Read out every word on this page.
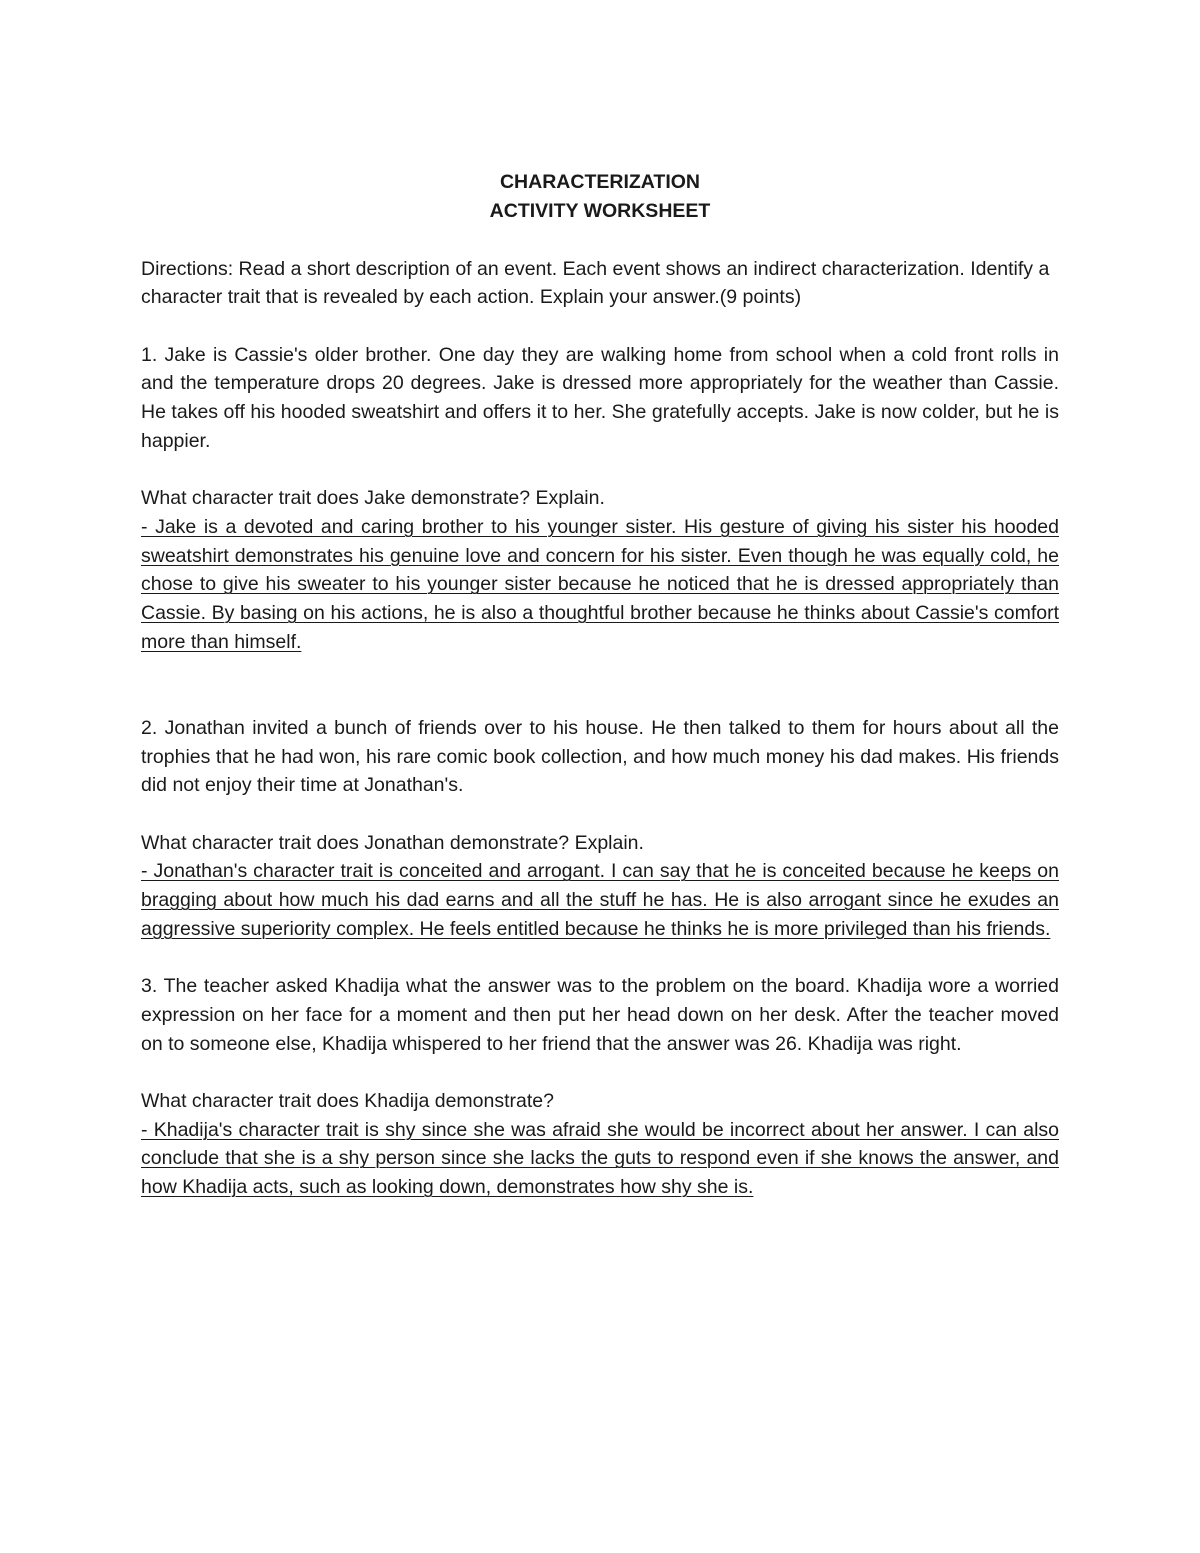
CHARACTERIZATION

ACTIVITY WORKSHEET

Directions: Read a short description of an event. Each event shows an indirect characterization. Identify a character trait that is revealed by each action. Explain your answer.(9 points)

1. Jake is Cassie's older brother. One day they are walking home from school when a cold front rolls in and the temperature drops 20 degrees. Jake is dressed more appropriately for the weather than Cassie. He takes off his hooded sweatshirt and offers it to her. She gratefully accepts. Jake is now colder, but he is happier.

What character trait does Jake demonstrate? Explain.

- Jake is a devoted and caring brother to his younger sister. His gesture of giving his sister his hooded sweatshirt demonstrates his genuine love and concern for his sister. Even though he was equally cold, he chose to give his sweater to his younger sister because he noticed that he is dressed appropriately than Cassie. By basing on his actions, he is also a thoughtful brother because he thinks about Cassie's comfort more than himself.

2. Jonathan invited a bunch of friends over to his house. He then talked to them for hours about all the trophies that he had won, his rare comic book collection, and how much money his dad makes. His friends did not enjoy their time at Jonathan's.

What character trait does Jonathan demonstrate? Explain.

- Jonathan's character trait is conceited and arrogant. I can say that he is conceited because he keeps on bragging about how much his dad earns and all the stuff he has. He is also arrogant since he exudes an aggressive superiority complex. He feels entitled because he thinks he is more privileged than his friends.

3. The teacher asked Khadija what the answer was to the problem on the board. Khadija wore a worried expression on her face for a moment and then put her head down on her desk. After the teacher moved on to someone else, Khadija whispered to her friend that the answer was 26. Khadija was right.

What character trait does Khadija demonstrate?

- Khadija's character trait is shy since she was afraid she would be incorrect about her answer. I can also conclude that she is a shy person since she lacks the guts to respond even if she knows the answer, and how Khadija acts, such as looking down, demonstrates how shy she is.
